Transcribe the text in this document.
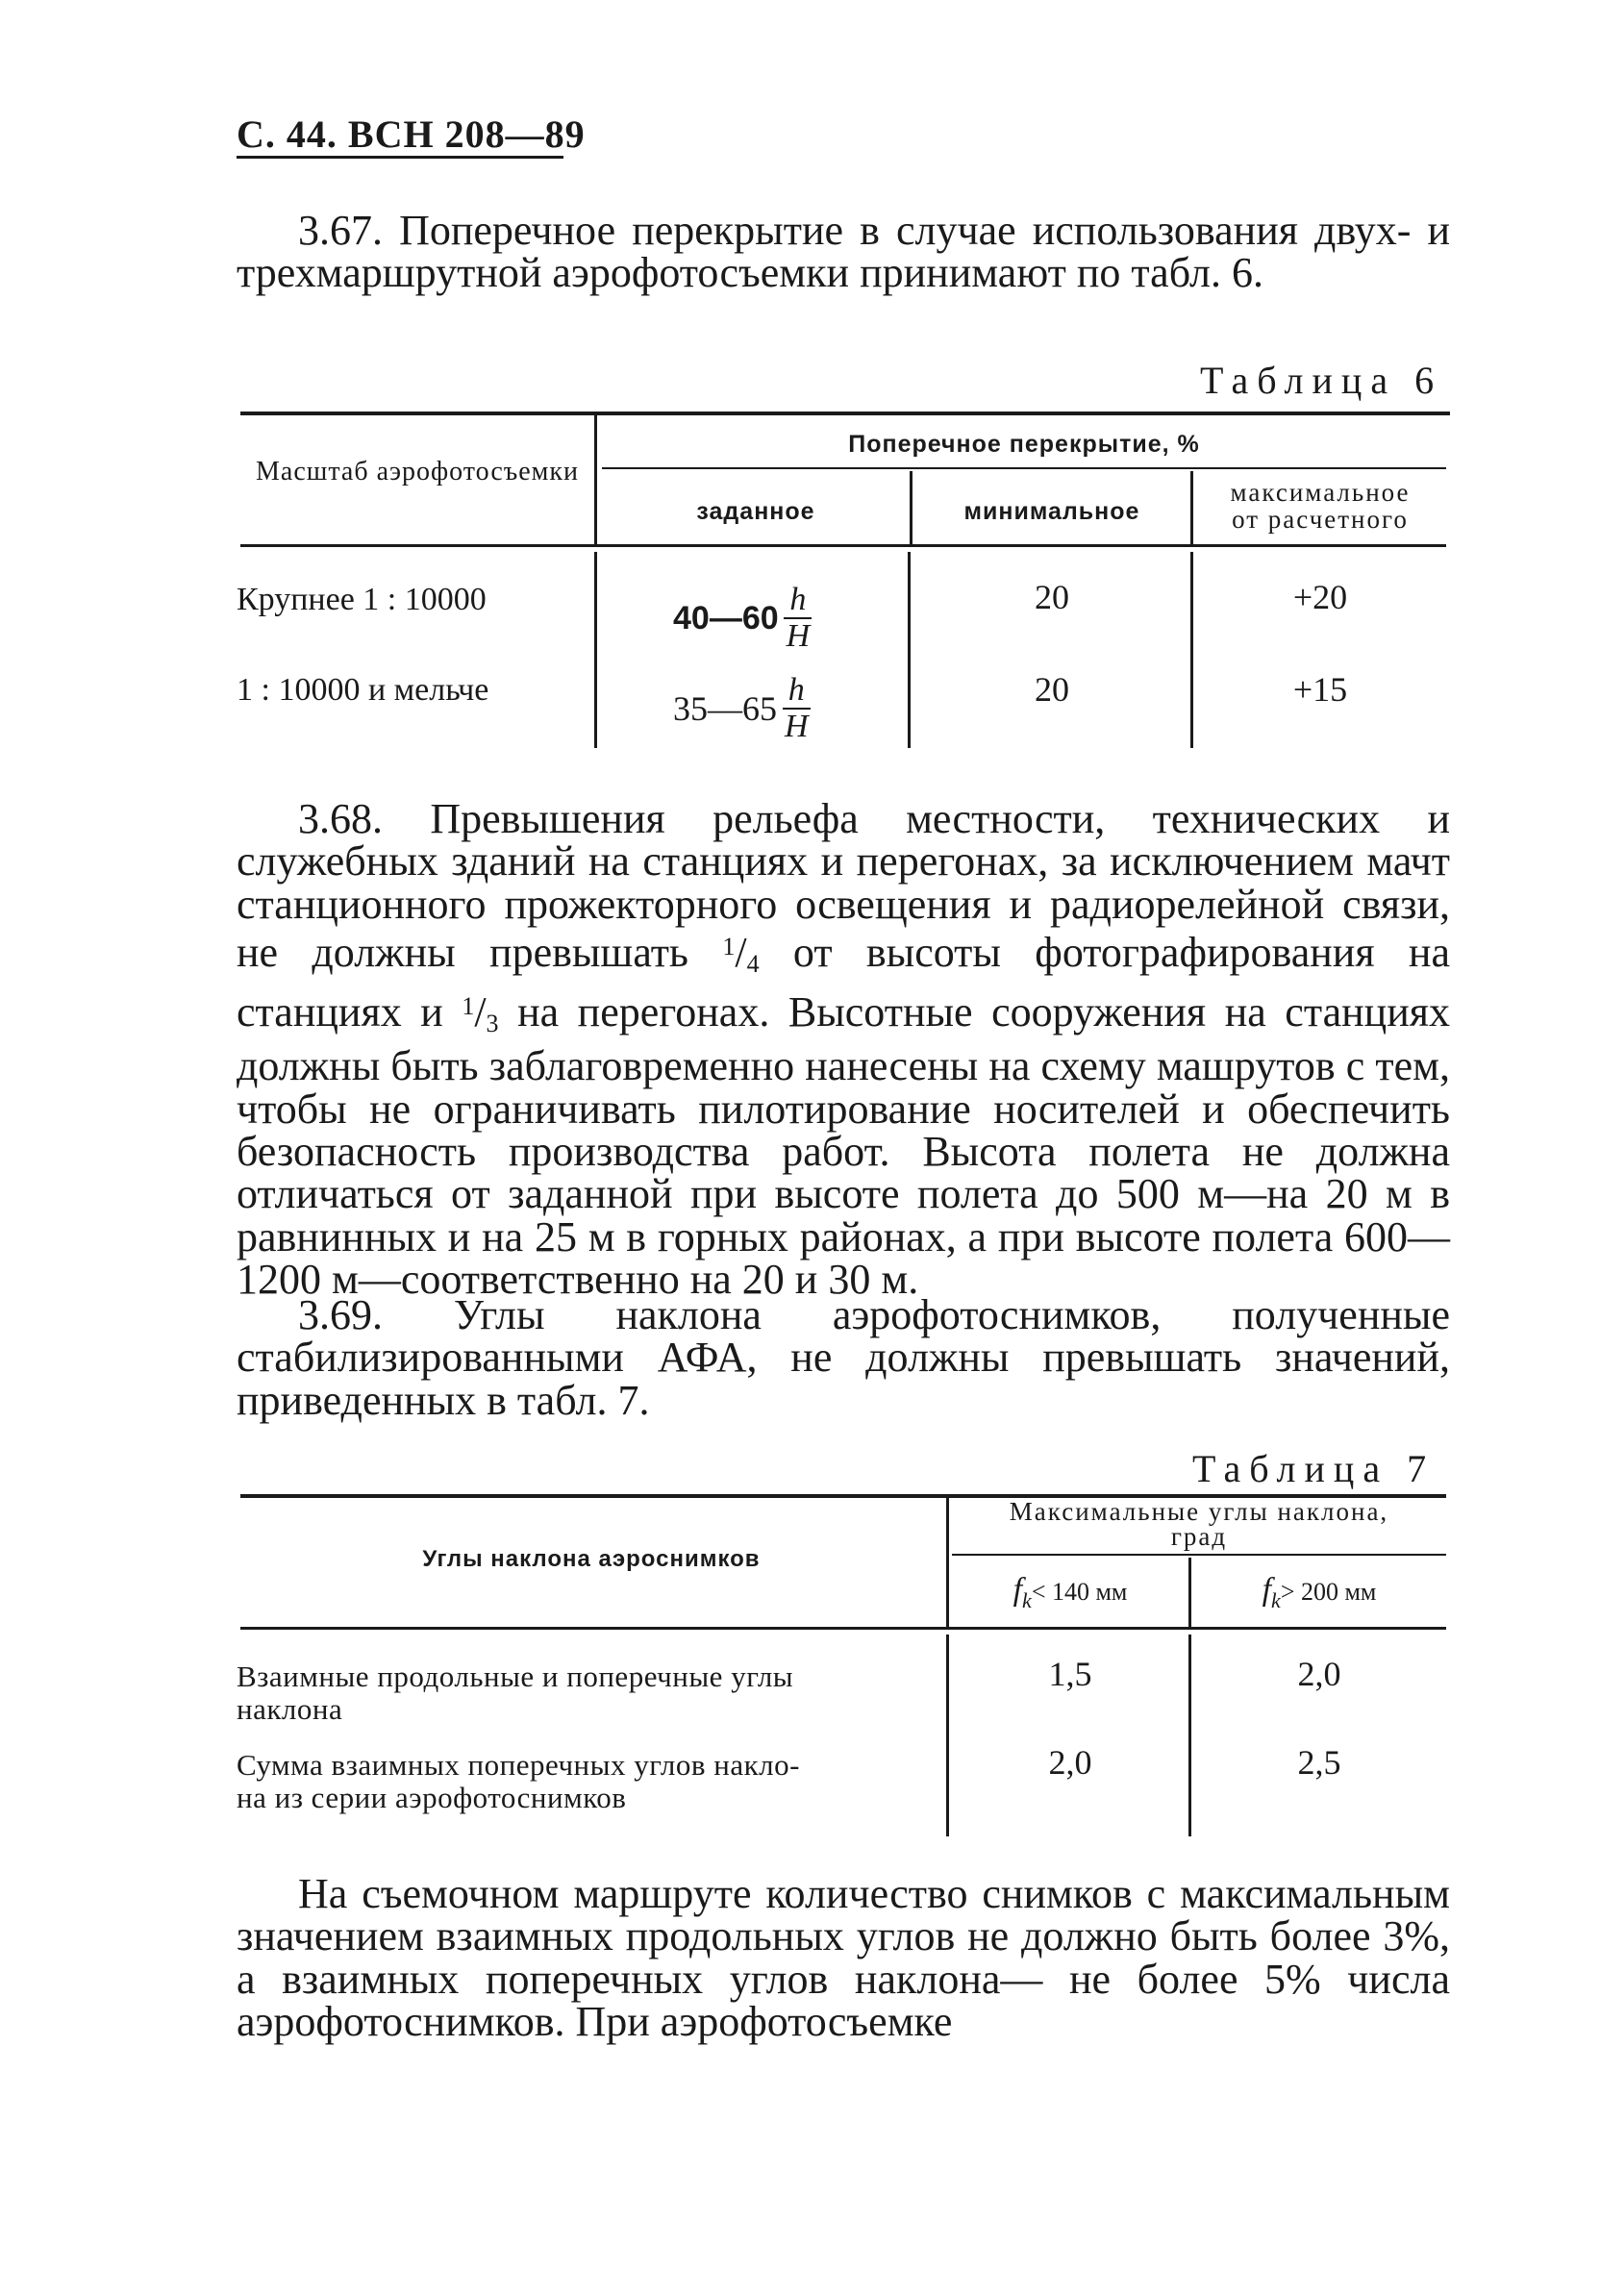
С. 44. ВСН 208—89

3.67. Поперечное перекрытие в случае использования двух- и трехмаршрутной аэрофотосъемки принимают по табл. 6.

Таблица 6
Масштаб аэрофотосъемки
Поперечное перекрытие, %
заданное	минимальное
максимальное
от расчетного
Крупнее 1 : 10000	40—60 $\frac{h}{H}$	20	+20
1 : 10000 и мельче	35—65 $\frac{h}{H}$	20	+15

3.68. Превышения рельефа местности, технических и служебных зданий на станциях и перегонах, за исключением мачт станционного прожекторного освещения и радиорелейной связи, не должны превышать $^1/_4$ от высоты фотографирования на станциях и $^1/_3$ на перегонах. Высотные сооружения на станциях должны быть заблаговременно нанесены на схему машрутов с тем, чтобы не ограничивать пилотирование носителей и обеспечить безопасность производства работ. Высота полета не должна отличаться от заданной при высоте полета до 500 м—на 20 м в равнинных и на 25 м в горных районах, а при высоте полета 600—1200 м—соответственно на 20 и 30 м.

3.69. Углы наклона аэрофотоснимков, полученные стабилизированными АФА, не должны превышать значений, приведенных в табл. 7.

Таблица 7
Углы наклона аэроснимков
Максимальные углы наклона,
град
$f_k< 140$ мм	$f_k> 200$ мм
Взаимные продольные и поперечные углы
наклона
1,5	2,0
Сумма взаимных поперечных углов накло-
на из серии аэрофотоснимков
2,0	2,5

На съемочном маршруте количество снимков с максимальным значением взаимных продольных углов не должно быть более 3%, а взаимных поперечных углов наклона— не более 5% числа аэрофотоснимков. При аэрофотосъемке
